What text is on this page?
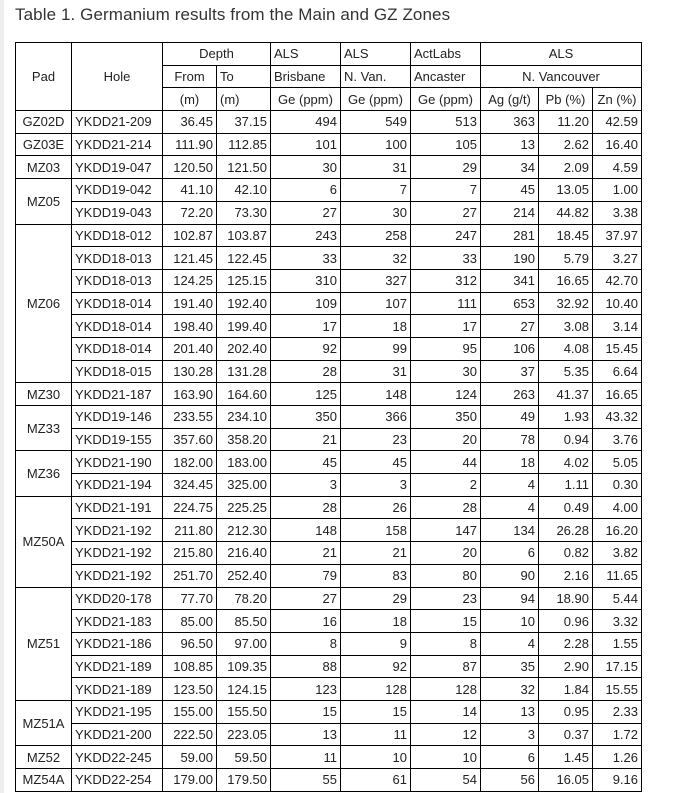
Table 1. Germanium results from the Main and GZ Zones
Pad	Hole	Depth		ALS	ALS	ActLabs	ALS		
		From	To	Brisbane	N. Van.	Ancaster	N. Vancouver		
		(m)	(m)	Ge (ppm)	Ge (ppm)	Ge (ppm)	Ag (g/t)	Pb (%)	Zn (%)
GZ02D	YKDD21-209	36.45	37.15	494	549	513	363	11.20	42.59
GZ03E	YKDD21-214	111.90	112.85	101	100	105	13	2.62	16.40
MZ03	YKDD19-047	120.50	121.50	30	31	29	34	2.09	4.59
MZ05	YKDD19-042	41.10	42.10	6	7	7	45	13.05	1.00
	YKDD19-043	72.20	73.30	27	30	27	214	44.82	3.38
MZ06	YKDD18-012	102.87	103.87	243	258	247	281	18.45	37.97
	YKDD18-013	121.45	122.45	33	32	33	190	5.79	3.27
	YKDD18-013	124.25	125.15	310	327	312	341	16.65	42.70
	YKDD18-014	191.40	192.40	109	107	111	653	32.92	10.40
	YKDD18-014	198.40	199.40	17	18	17	27	3.08	3.14
	YKDD18-014	201.40	202.40	92	99	95	106	4.08	15.45
	YKDD18-015	130.28	131.28	28	31	30	37	5.35	6.64
MZ30	YKDD21-187	163.90	164.60	125	148	124	263	41.37	16.65
MZ33	YKDD19-146	233.55	234.10	350	366	350	49	1.93	43.32
	YKDD19-155	357.60	358.20	21	23	20	78	0.94	3.76
MZ36	YKDD21-190	182.00	183.00	45	45	44	18	4.02	5.05
	YKDD21-194	324.45	325.00	3	3	2	4	1.11	0.30
MZ50A	YKDD21-191	224.75	225.25	28	26	28	4	0.49	4.00
	YKDD21-192	211.80	212.30	148	158	147	134	26.28	16.20
	YKDD21-192	215.80	216.40	21	21	20	6	0.82	3.82
	YKDD21-192	251.70	252.40	79	83	80	90	2.16	11.65
MZ51	YKDD20-178	77.70	78.20	27	29	23	94	18.90	5.44
	YKDD21-183	85.00	85.50	16	18	15	10	0.96	3.32
	YKDD21-186	96.50	97.00	8	9	8	4	2.28	1.55
	YKDD21-189	108.85	109.35	88	92	87	35	2.90	17.15
	YKDD21-189	123.50	124.15	123	128	128	32	1.84	15.55
MZ51A	YKDD21-195	155.00	155.50	15	15	14	13	0.95	2.33
	YKDD21-200	222.50	223.05	13	11	12	3	0.37	1.72
MZ52	YKDD22-245	59.00	59.50	11	10	10	6	1.45	1.26
MZ54A	YKDD22-254	179.00	179.50	55	61	54	56	16.05	9.16
